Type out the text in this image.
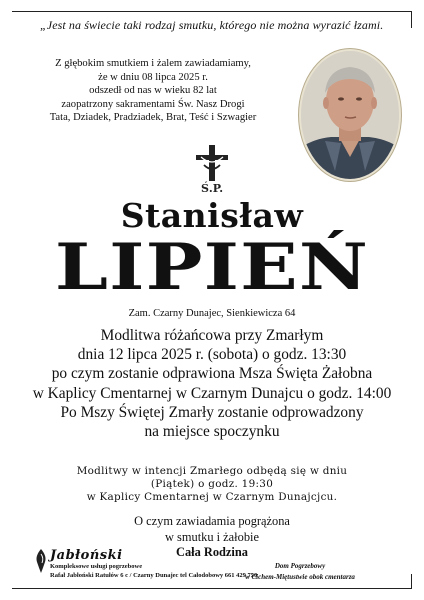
„Jest na świecie taki rodzaj smutku, którego nie można wyrazić łzami.
Z głębokim smutkiem i żalem zawiadamiamy,
że w dniu 08 lipca 2025 r.
odszedł od nas w wieku 82 lat
zaopatrzony sakramentami Św. Nasz Drogi
Tata, Dziadek, Pradziadek, Brat, Teść i Szwagier
Ś.P.
Stanisław
LIPIEŃ
Zam. Czarny Dunajec, Sienkiewicza 64
Modlitwa różańcowa przy Zmarłym
dnia 12 lipca 2025 r. (sobota) o godz. 13:30
po czym zostanie odprawiona Msza Święta Żałobna
w Kaplicy Cmentarnej w Czarnym Dunajcu o godz. 14:00
Po Mszy Świętej Zmarły zostanie odprowadzony
na miejsce spoczynku
Modlitwy w intencji Zmarłego odbędą się w dniu
(Piątek) o godz. 19:30
w Kaplicy Cmentarnej w Czarnym Dunajcjcu.
O czym zawiadamia pogrążona
w smutku i żałobie
Cała Rodzina
Jabłoński
Kompleksowe usługi pogrzebowe
Rafał Jabłoński Ratułów 6 c / Czarny Dunajec tel Całodobowy 661 429 750
Dom Pogrzebowy
w Cichem-Miętustwie obok cmentarza
